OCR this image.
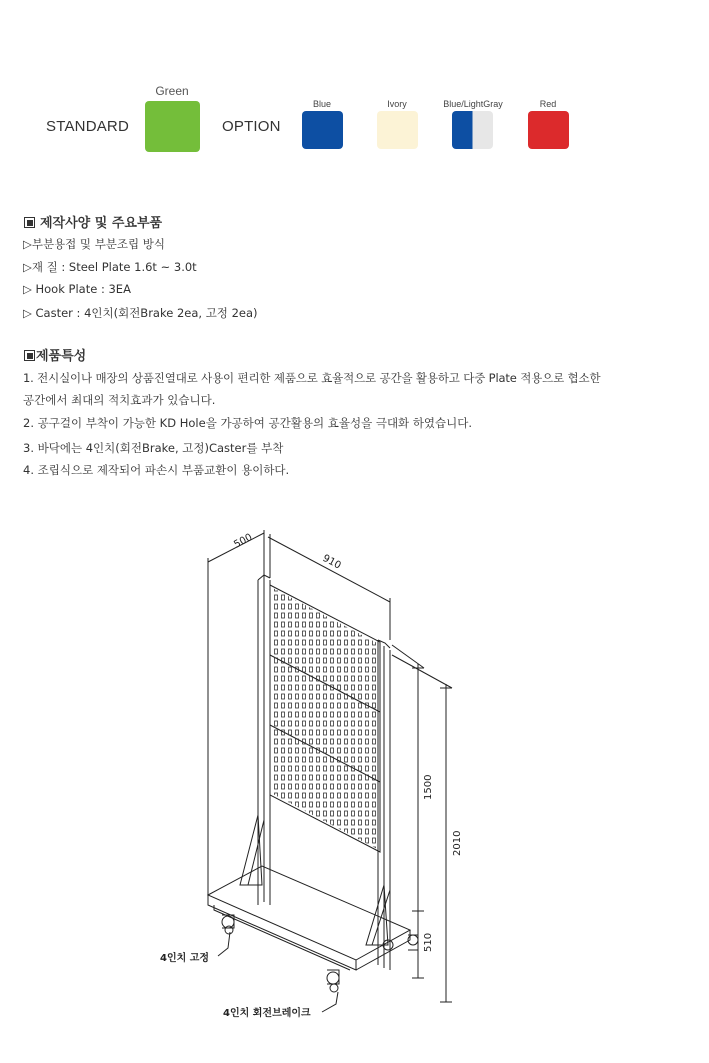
STANDARD
Green
OPTION
Blue	Ivory	Blue/LightGray	Red
제작사양 및 주요부품
▷부분용접 및 부분조립 방식
▷재 질 : Steel Plate 1.6t ~ 3.0t
▷ Hook Plate : 3EA
▷ Caster : 4인치(회전Brake 2ea, 고정 2ea)
제품특성
1. 전시실이나 매장의 상품진열대로 사용이 편리한 제품으로 효율적으로 공간을 활용하고 다중 Plate 적용으로 협소한
공간에서 최대의 적치효과가 있습니다.
2. 공구걸이 부착이 가능한 KD Hole을 가공하여 공간활용의 효율성을 극대화 하였습니다.
3. 바닥에는 4인치(회전Brake, 고정)Caster를 부착
4. 조립식으로 제작되어 파손시 부품교환이 용이하다.
500
910
1500
2010
510
4인치 고정
4인치 회전브레이크
